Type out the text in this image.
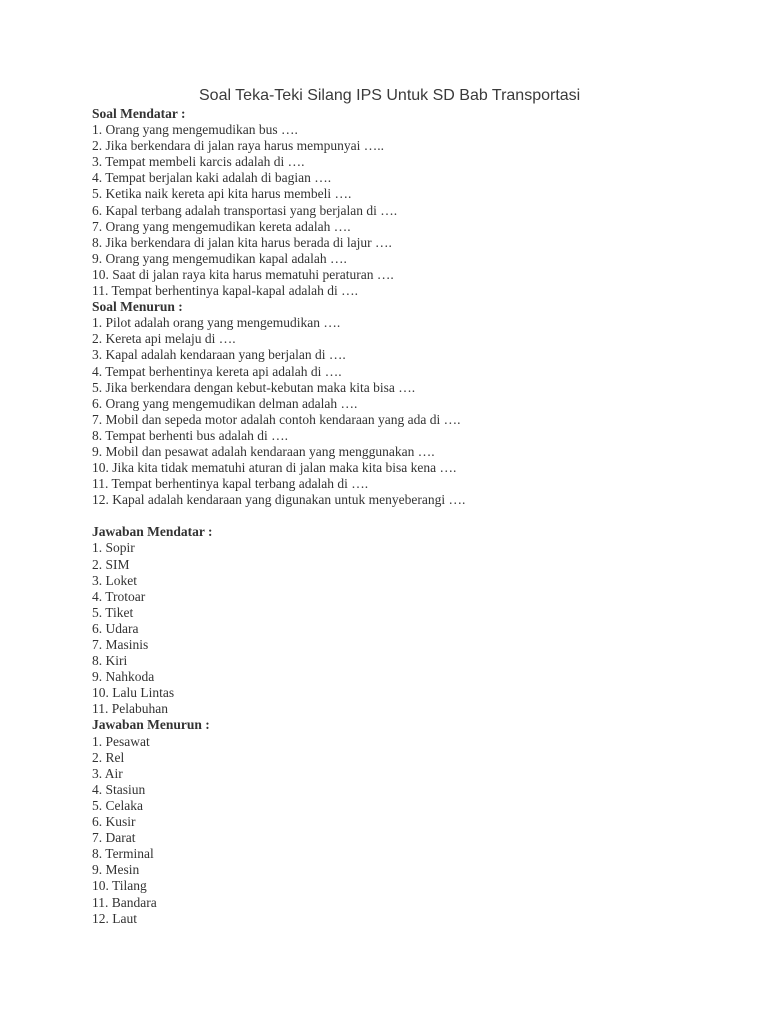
Soal Teka-Teki Silang IPS Untuk SD Bab Transportasi

Soal Mendatar :

1. Orang yang mengemudikan bus ….
2. Jika berkendara di jalan raya harus mempunyai …..
3. Tempat membeli karcis adalah di ….
4. Tempat berjalan kaki adalah di bagian ….
5. Ketika naik kereta api kita harus membeli ….
6. Kapal terbang adalah transportasi yang berjalan di ….
7. Orang yang mengemudikan kereta adalah ….
8. Jika berkendara di jalan kita harus berada di lajur ….
9. Orang yang mengemudikan kapal adalah ….
10. Saat di jalan raya kita harus mematuhi peraturan ….
11. Tempat berhentinya kapal-kapal adalah di ….

Soal Menurun :

1. Pilot adalah orang yang mengemudikan ….
2. Kereta api melaju di ….
3. Kapal adalah kendaraan yang berjalan di ….
4. Tempat berhentinya kereta api adalah di ….
5. Jika berkendara dengan kebut-kebutan maka kita bisa ….
6. Orang yang mengemudikan delman adalah ….
7. Mobil dan sepeda motor adalah contoh kendaraan yang ada di ….
8. Tempat berhenti bus adalah di ….
9. Mobil dan pesawat adalah kendaraan yang menggunakan ….
10. Jika kita tidak mematuhi aturan di jalan maka kita bisa kena ….
11. Tempat berhentinya kapal terbang adalah di ….
12. Kapal adalah kendaraan yang digunakan untuk menyeberangi ….

Jawaban Mendatar :

1. Sopir
2. SIM
3. Loket
4. Trotoar
5. Tiket
6. Udara
7. Masinis
8. Kiri
9. Nahkoda
10. Lalu Lintas
11. Pelabuhan

Jawaban Menurun :

1. Pesawat
2. Rel
3. Air
4. Stasiun
5. Celaka
6. Kusir
7. Darat
8. Terminal
9. Mesin
10. Tilang
11. Bandara
12. Laut
